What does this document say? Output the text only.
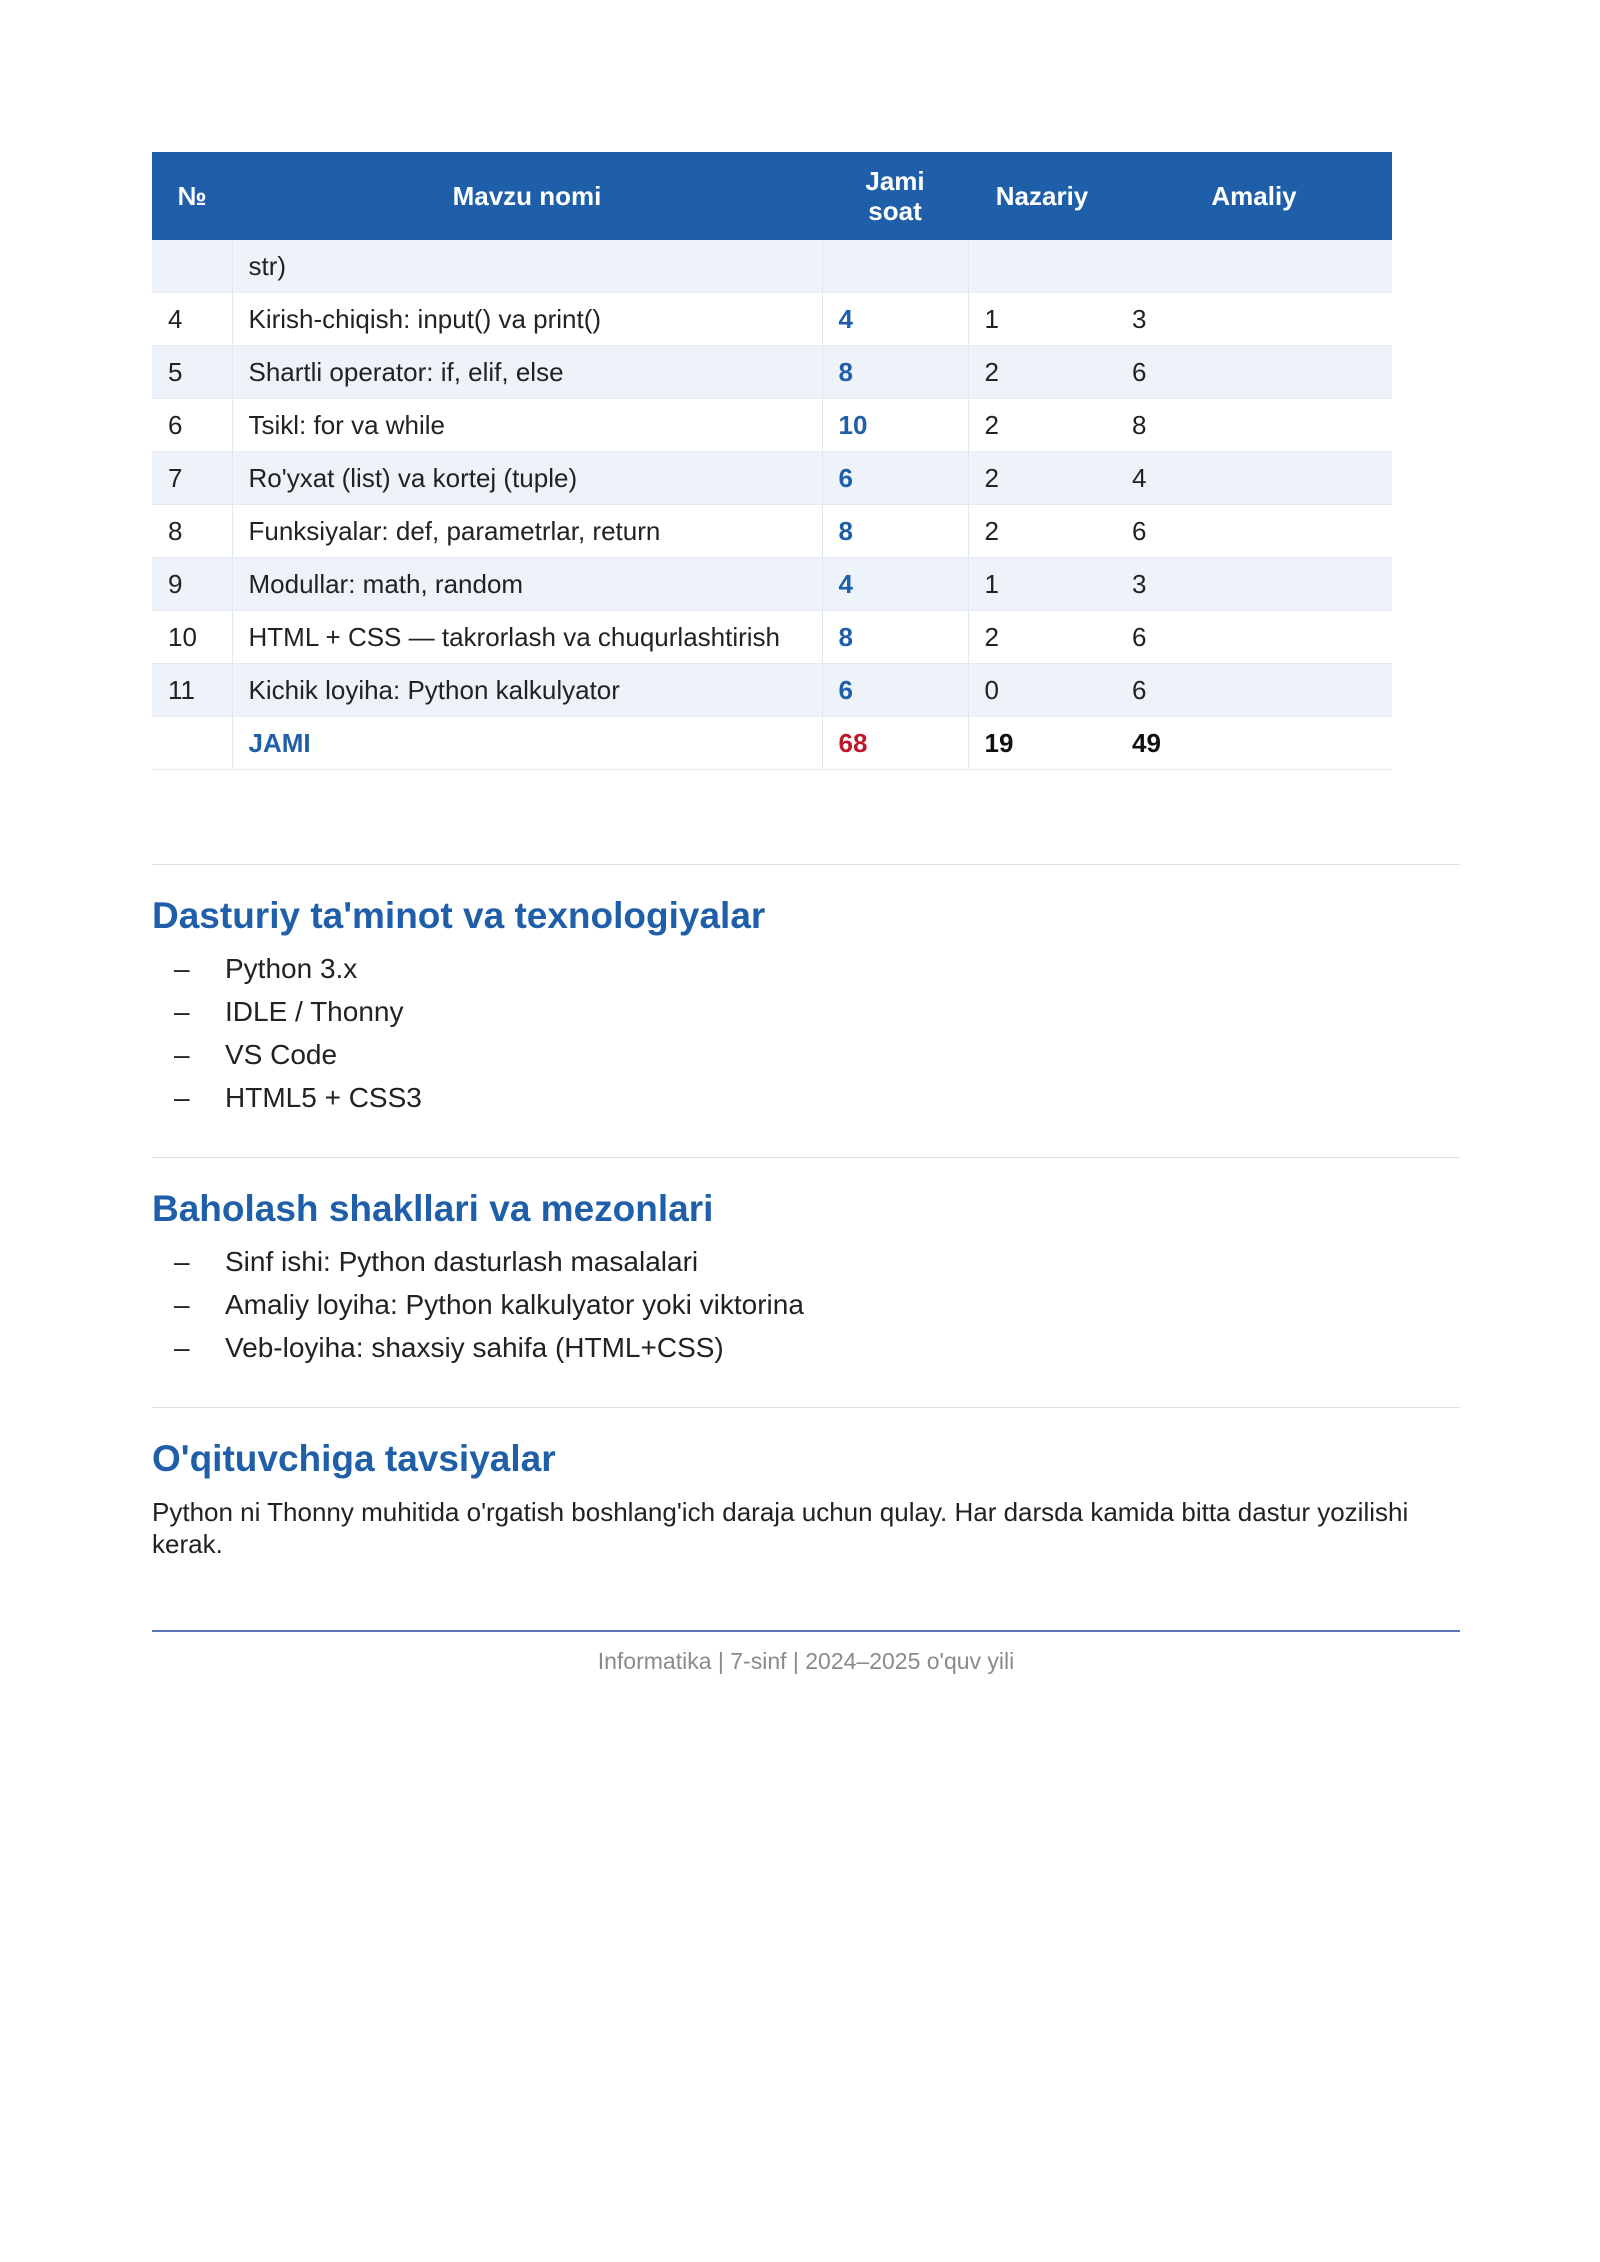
№	Mavzu nomi	Jami soat	Nazariy	Amaliy
	str)			
4	Kirish-chiqish: input() va print()	4	1	3
5	Shartli operator: if, elif, else	8	2	6
6	Tsikl: for va while	10	2	8
7	Ro'yxat (list) va kortej (tuple)	6	2	4
8	Funksiyalar: def, parametrlar, return	8	2	6
9	Modullar: math, random	4	1	3
10	HTML + CSS — takrorlash va chuqurlashtirish	8	2	6
11	Kichik loyiha: Python kalkulyator	6	0	6
	JAMI	68	19	49
Dasturiy ta'minot va texnologiyalar
–	Python 3.x
–	IDLE / Thonny
–	VS Code
–	HTML5 + CSS3
Baholash shakllari va mezonlari
–	Sinf ishi: Python dasturlash masalalari
–	Amaliy loyiha: Python kalkulyator yoki viktorina
–	Veb-loyiha: shaxsiy sahifa (HTML+CSS)
O'qituvchiga tavsiyalar

Python ni Thonny muhitida o'rgatish boshlang'ich daraja uchun qulay. Har darsda kamida bitta dastur yozilishi kerak.

Informatika | 7-sinf | 2024–2025 o'quv yili
